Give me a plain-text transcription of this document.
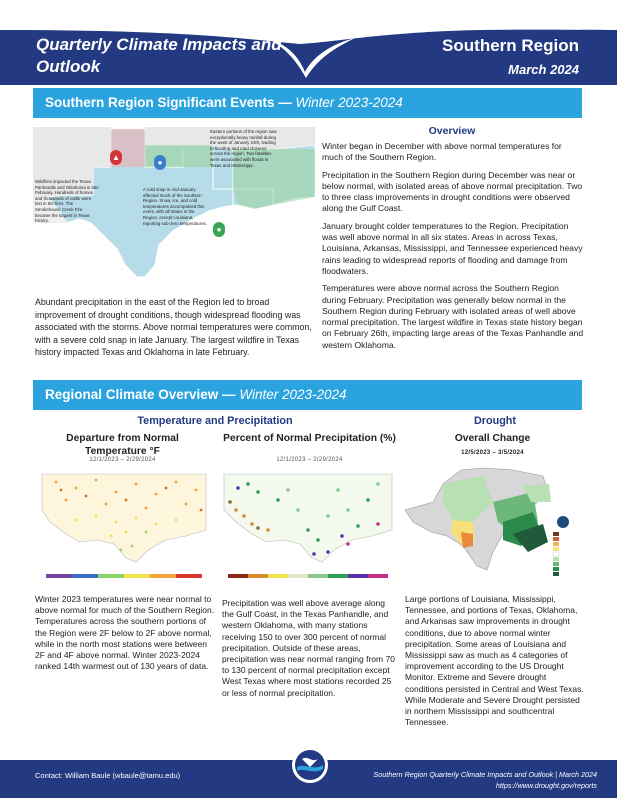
Quarterly Climate Impacts and Outlook
Southern Region
March 2024
Southern Region Significant Events — Winter 2023-2024
Wildfires impacted the Texas Panhandle and Oklahoma in late February. Hundreds of homes and thousands of cattle were lost in the fires. The Smokehouse Creek Fire became the largest in Texas history.
Eastern portions of the region saw exceptionally heavy rainfall during the week of January 24th, leading to flooding and road closures across the region. Two fatalities were associated with floods in Texas and Mississippi.
A cold snap in mid-January affected much of the Southern Region. Snow, ice, and cold temperatures accompanied this event, with all states in the Region, except Louisiana, reporting sub-zero temperatures.
▲
●
●
Abundant precipitation in the east of the Region led to broad improvement of drought conditions, though widespread flooding was associated with the storms. Above normal temperatures were common, with a severe cold snap in late January. The largest wildfire in Texas history impacted Texas and Oklahoma in late February.
Overview

Winter began in December with above normal temperatures for much of the Southern Region.

Precipitation in the Southern Region during December was near or below normal, with isolated areas of above normal precipitation. Two to three class improvements in drought conditions were observed along the Gulf Coast.

January brought colder temperatures to the Region. Precipitation was well above normal in all six states. Areas in across Texas, Louisiana, Arkansas, Mississippi, and Tennessee experienced heavy rains leading to widespread reports of flooding and damage from floodwaters.

Temperatures were above normal across the Southern Region during February. Precipitation was generally below normal in the Southern Region during February with isolated areas of well above normal precipitation. The largest wildfire in Texas state history began on February 26th, impacting large areas of the Texas Panhandle and western Oklahoma.

Regional Climate Overview — Winter 2023-2024
Temperature and Precipitation	Drought
Departure from Normal Temperature °F
12/1/2023 – 2/29/2024
Winter 2023 temperatures were near normal to above normal for much of the Southern Region. Temperatures across the southern portions of the Region were 2F below to 2F above normal, while in the north most stations were between 2F and 4F above normal. Winter 2023-2024 ranked 14th warmest out of 130 years of data.
Percent of Normal Precipitation (%)
12/1/2023 – 2/29/2024
Precipitation was well above average along the Gulf Coast, in the Texas Panhandle, and western Oklahoma, with many stations receiving 150 to over 300 percent of normal precipitation. Outside of these areas, precipitation was near normal ranging from 70 to 130 percent of normal precipitation except West Texas where most stations recorded 25 or less of normal precipitation.
Overall Change
12/5/2023 – 3/5/2024
Large portions of Louisiana, Mississippi, Tennessee, and portions of Texas, Oklahoma, and Arkansas saw improvements in drought conditions, due to above normal winter precipitation. Some areas of Louisiana and Mississippi saw as much as 4 categories of improvement according to the US Drought Monitor. Extreme and Severe drought conditions persisted in Central and West Texas. While Moderate and Severe Drought persisted in northern Mississippi and southcentral Tennessee.
Contact: William Baule (wbaule@tamu.edu)	Southern Region Quarterly Climate Impacts and Outlook | March 2024
https://www.drought.gov/reports
